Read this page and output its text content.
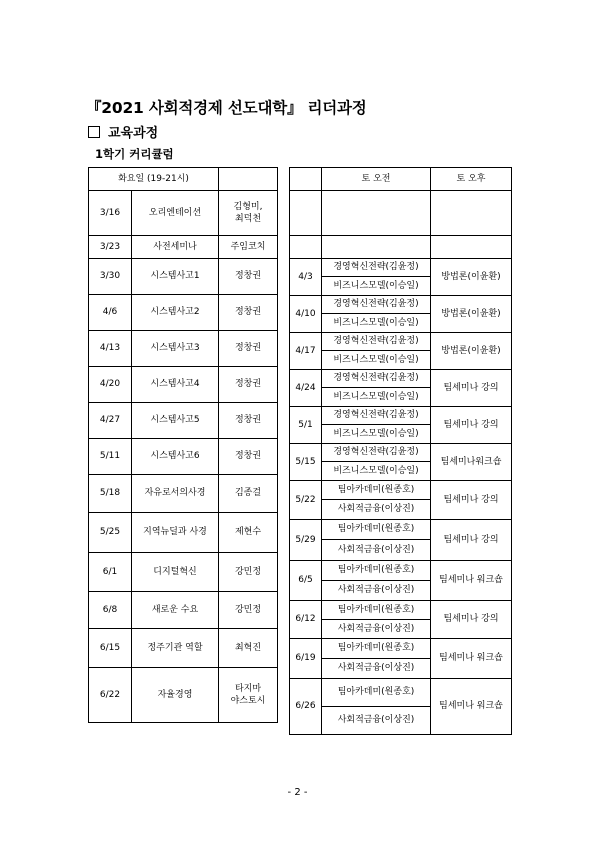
『2021 사회적경제 선도대학』 리더과정
교육과정
1학기 커리큘럼
화요일 (19-21시)		
3/16	오리엔테이션	김형미,
최덕천
3/23	사전세미나	주임코치
3/30	시스템사고1	정창권
4/6	시스템사고2	정창권
4/13	시스템사고3	정창권
4/20	시스템사고4	정창권
4/27	시스템사고5	정창권
5/11	시스템사고6	정창권
5/18	자유로서의사경	김종걸
5/25	지역뉴딜과 사경	제현수
6/1	디지털혁신	강민정
6/8	새로운 수요	강민정
6/15	정주기관 역할	최혁진
6/22	자율경영	타지마
야스토시
	토 오전	토 오후

4/3	경영혁신전략(김윤정)	방법론(이윤환)
	비즈니스모델(이승일)	
4/10	경영혁신전략(김윤정)	방법론(이윤환)
	비즈니스모델(이승일)	
4/17	경영혁신전략(김윤정)	방법론(이윤환)
	비즈니스모델(이승일)	
4/24	경영혁신전략(김윤정)	팀세미나 강의
	비즈니스모델(이승일)	
5/1	경영혁신전략(김윤정)	팀세미나 강의
	비즈니스모델(이승일)	
5/15	경영혁신전략(김윤정)	팀세미나워크숍
	비즈니스모델(이승일)	
5/22	팀아카데미(원종호)	팀세미나 강의
	사회적금융(이상진)	
5/29	팀아카데미(원종호)	팀세미나 강의
	사회적금융(이상진)	
6/5	팀아카데미(원종호)	팀세미나 워크숍
	사회적금융(이상진)	
6/12	팀아카데미(원종호)	팀세미나 강의
	사회적금융(이상진)	
6/19	팀아카데미(원종호)	팀세미나 워크숍
	사회적금융(이상진)	
6/26	팀아카데미(원종호)	팀세미나 워크숍
	사회적금융(이상진)	
- 2 -
